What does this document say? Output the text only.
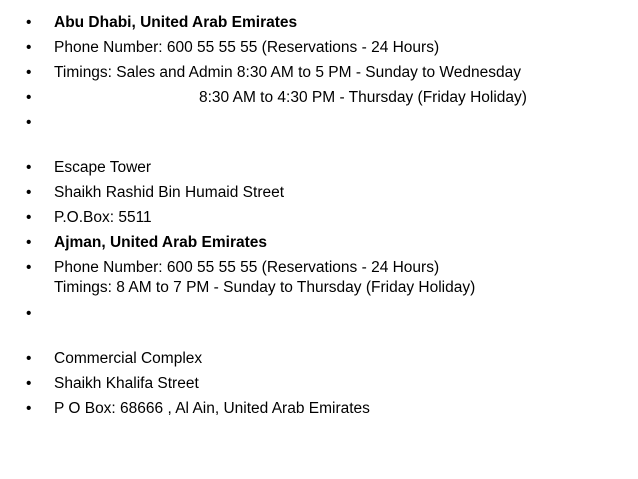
•	Abu Dhabi, United Arab Emirates
•	Phone Number: 600 55 55 55 (Reservations - 24 Hours)
•	Timings: Sales and Admin 8:30 AM to 5 PM - Sunday to Wednesday
•	8:30 AM to 4:30 PM - Thursday (Friday Holiday)
•
•	Escape Tower
•	Shaikh Rashid Bin Humaid Street
•	P.O.Box: 5511
•	Ajman, United Arab Emirates
•	Phone Number: 600 55 55 55 (Reservations - 24 Hours)
Timings: 8 AM to 7 PM - Sunday to Thursday (Friday Holiday)
•
•	Commercial Complex
•	Shaikh Khalifa Street
•	P O Box: 68666 , Al Ain, United Arab Emirates
